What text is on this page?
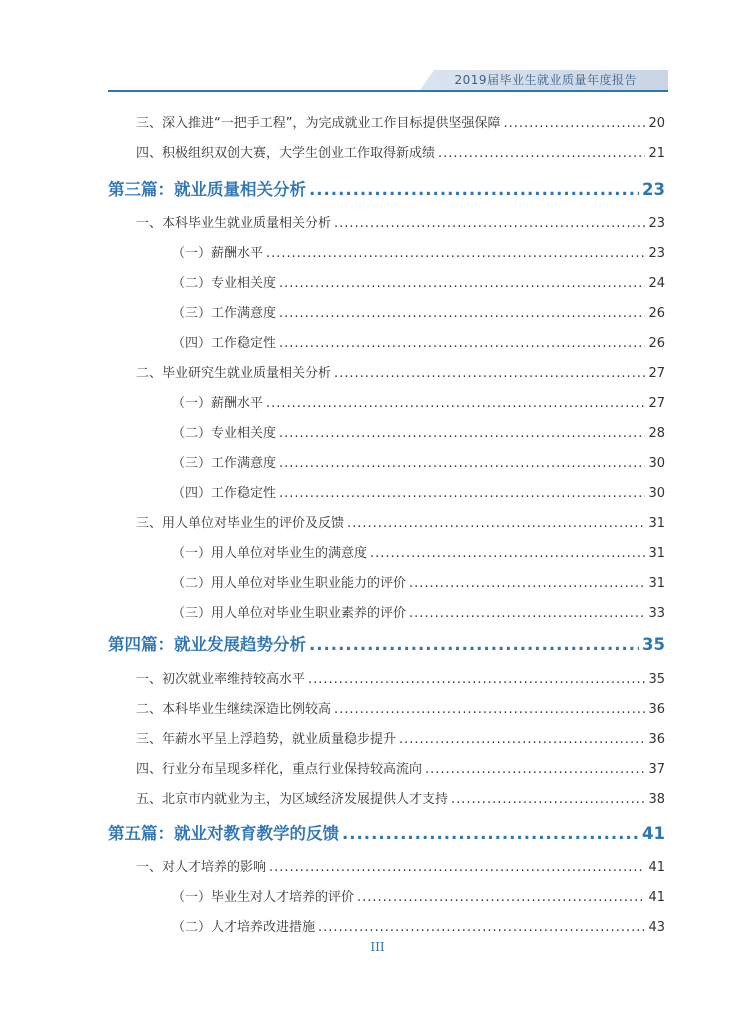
2019届毕业生就业质量年度报告
三、深入推进“一把手工程”，为完成就业工作目标提供坚强保障 .....	20
四、积极组织双创大赛，大学生创业工作取得新成绩 .....	21
第三篇：就业质量相关分析 .....	23
一、本科毕业生就业质量相关分析 .....	23
（一）薪酬水平 .....	23
（二）专业相关度 .....	24
（三）工作满意度 .....	26
（四）工作稳定性 .....	26
二、毕业研究生就业质量相关分析 .....	27
（一）薪酬水平 .....	27
（二）专业相关度 .....	28
（三）工作满意度 .....	30
（四）工作稳定性 .....	30
三、用人单位对毕业生的评价及反馈 .....	31
（一）用人单位对毕业生的满意度 .....	31
（二）用人单位对毕业生职业能力的评价 .....	31
（三）用人单位对毕业生职业素养的评价 .....	33
第四篇：就业发展趋势分析 .....	35
一、初次就业率维持较高水平 .....	35
二、本科毕业生继续深造比例较高 .....	36
三、年薪水平呈上浮趋势，就业质量稳步提升 .....	36
四、行业分布呈现多样化，重点行业保持较高流向 .....	37
五、北京市内就业为主，为区域经济发展提供人才支持 .....	38
第五篇：就业对教育教学的反馈 .....	41
一、对人才培养的影响 .....	41
（一）毕业生对人才培养的评价 .....	41
（二）人才培养改进措施 .....	43
III
